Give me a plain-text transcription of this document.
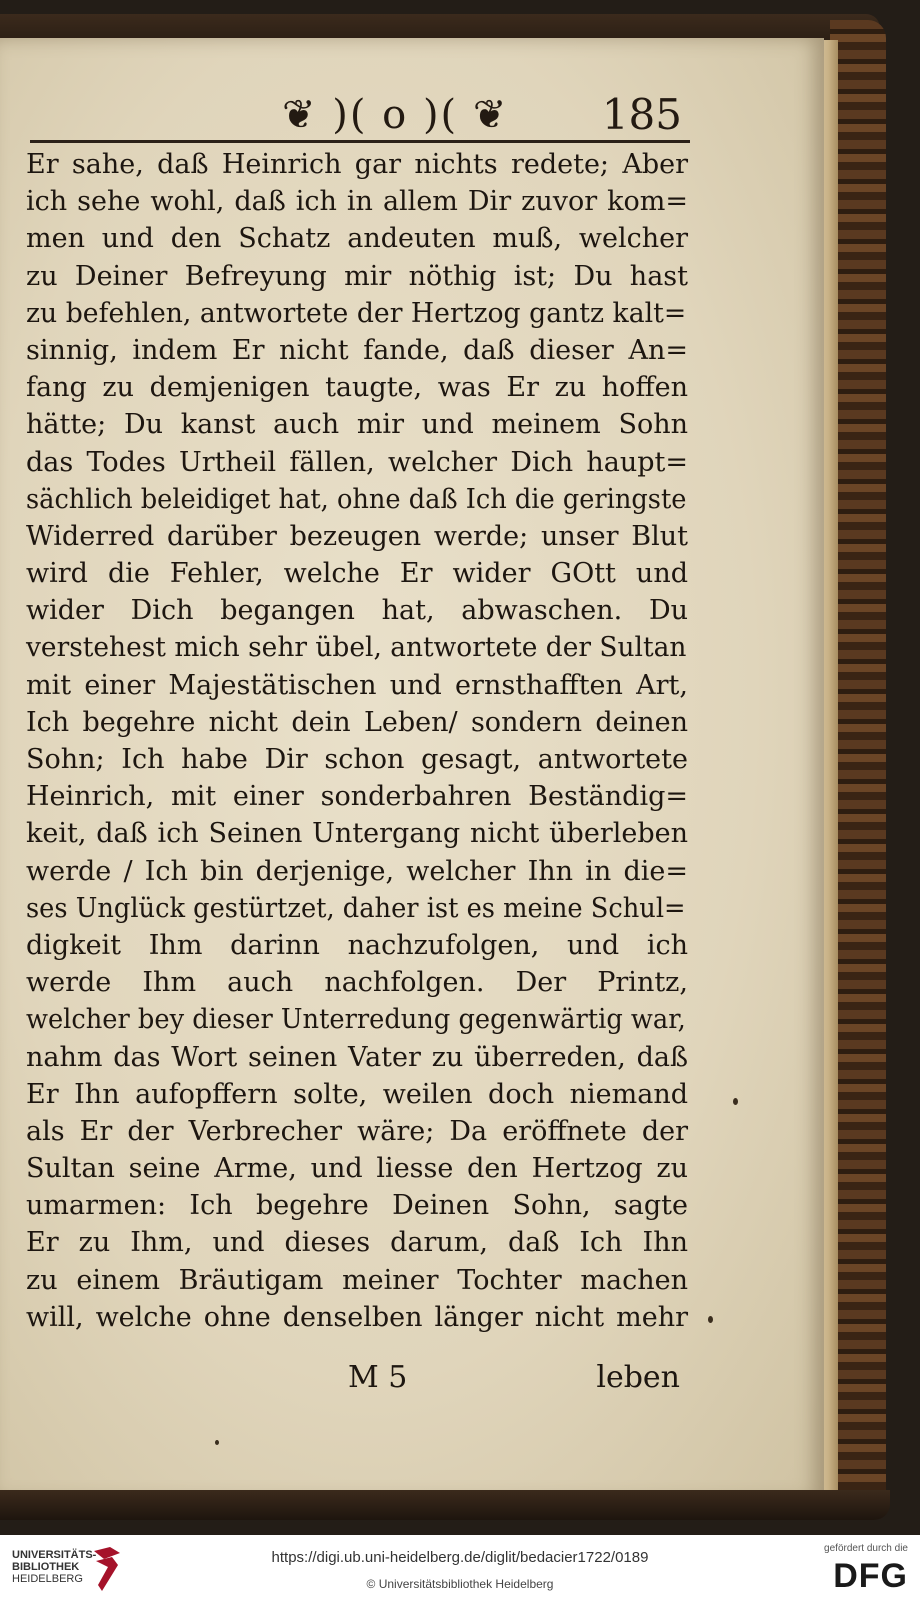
❦ )( o )( ❦ 185
Er sahe, daß Heinrich gar nichts redete; Aber
ich sehe wohl, daß ich in allem Dir zuvor kom=
men und den Schatz andeuten muß, welcher
zu Deiner Befreyung mir nöthig ist; Du hast
zu befehlen, antwortete der Hertzog gantz kalt=
sinnig, indem Er nicht fande, daß dieser An=
fang zu demjenigen taugte, was Er zu hoffen
hätte; Du kanst auch mir und meinem Sohn
das Todes Urtheil fällen, welcher Dich haupt=
sächlich beleidiget hat, ohne daß Ich die geringste
Widerred darüber bezeugen werde; unser Blut
wird die Fehler, welche Er wider GOtt und
wider Dich begangen hat, abwaschen. Du
verstehest mich sehr übel, antwortete der Sultan
mit einer Majestätischen und ernsthafften Art,
Ich begehre nicht dein Leben/ sondern deinen
Sohn; Ich habe Dir schon gesagt, antwortete
Heinrich, mit einer sonderbahren Beständig=
keit, daß ich Seinen Untergang nicht überleben
werde / Ich bin derjenige, welcher Ihn in die=
ses Unglück gestürtzet, daher ist es meine Schul=
digkeit Ihm darinn nachzufolgen, und ich
werde Ihm auch nachfolgen. Der Printz,
welcher bey dieser Unterredung gegenwärtig war,
nahm das Wort seinen Vater zu überreden, daß
Er Ihn aufopffern solte, weilen doch niemand
als Er der Verbrecher wäre; Da eröffnete der
Sultan seine Arme, und liesse den Hertzog zu
umarmen: Ich begehre Deinen Sohn, sagte
Er zu Ihm, und dieses darum, daß Ich Ihn
zu einem Bräutigam meiner Tochter machen
will, welche ohne denselben länger nicht mehr
M 5	leben
UNIVERSITÄTS-
BIBLIOTHEK
HEIDELBERG
https://digi.ub.uni-heidelberg.de/diglit/bedacier1722/0189
© Universitätsbibliothek Heidelberg
gefördert durch die
DFG
